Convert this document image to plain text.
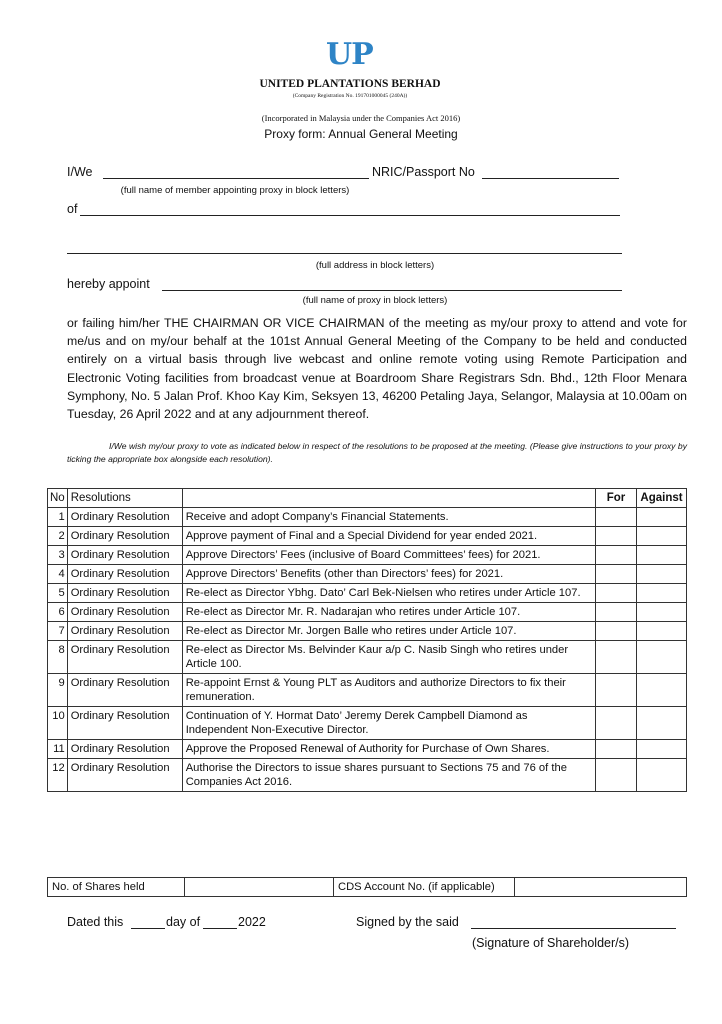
UP
UNITED PLANTATIONS BERHAD
(Company Registration No. 191701000045 (240A))
(Incorporated in Malaysia under the Companies Act 2016)
Proxy form: Annual General Meeting
I/We	NRIC/Passport No
(full name of member appointing proxy in block letters)
of
(full address in block letters)
hereby appoint
(full name of proxy in block letters)
or failing him/her THE CHAIRMAN OR VICE CHAIRMAN of the meeting as my/our proxy to attend and vote for me/us and on my/our behalf at the 101st Annual General Meeting of the Company to be held and conducted entirely on a virtual basis through live webcast and online remote voting using Remote Participation and Electronic Voting facilities from broadcast venue at Boardroom Share Registrars Sdn. Bhd., 12th Floor Menara Symphony, No. 5 Jalan Prof. Khoo Kay Kim, Seksyen 13, 46200 Petaling Jaya, Selangor, Malaysia at 10.00am on Tuesday, 26 April 2022 and at any adjournment thereof.
I/We wish my/our proxy to vote as indicated below in respect of the resolutions to be proposed at the meeting. (Please give instructions to your proxy by ticking the appropriate box alongside each resolution).
No	Resolutions		For	Against
1	Ordinary Resolution	Receive and adopt Company’s Financial Statements.		
2	Ordinary Resolution	Approve payment of Final and a Special Dividend for year ended 2021.		
3	Ordinary Resolution	Approve Directors’ Fees (inclusive of Board Committees’ fees) for 2021.		
4	Ordinary Resolution	Approve Directors’ Benefits (other than Directors’ fees) for 2021.		
5	Ordinary Resolution	Re-elect as Director Ybhg. Dato’ Carl Bek-Nielsen who retires under Article 107.		
6	Ordinary Resolution	Re-elect as Director Mr. R. Nadarajan who retires under Article 107.		
7	Ordinary Resolution	Re-elect as Director Mr. Jorgen Balle who retires under Article 107.		
8	Ordinary Resolution	Re-elect as Director Ms. Belvinder Kaur a/p C. Nasib Singh who retires under Article 100.		
9	Ordinary Resolution	Re-appoint Ernst & Young PLT as Auditors and authorize Directors to fix their remuneration.		
10	Ordinary Resolution	Continuation of Y. Hormat Dato’ Jeremy Derek Campbell Diamond as Independent Non-Executive Director.		
11	Ordinary Resolution	Approve the Proposed Renewal of Authority for Purchase of Own Shares.		
12	Ordinary Resolution	Authorise the Directors to issue shares pursuant to Sections 75 and 76 of the Companies Act 2016.		
No. of Shares held		CDS Account No. (if applicable)	
Dated this	day of	2022	Signed by the said
(Signature of Shareholder/s)
